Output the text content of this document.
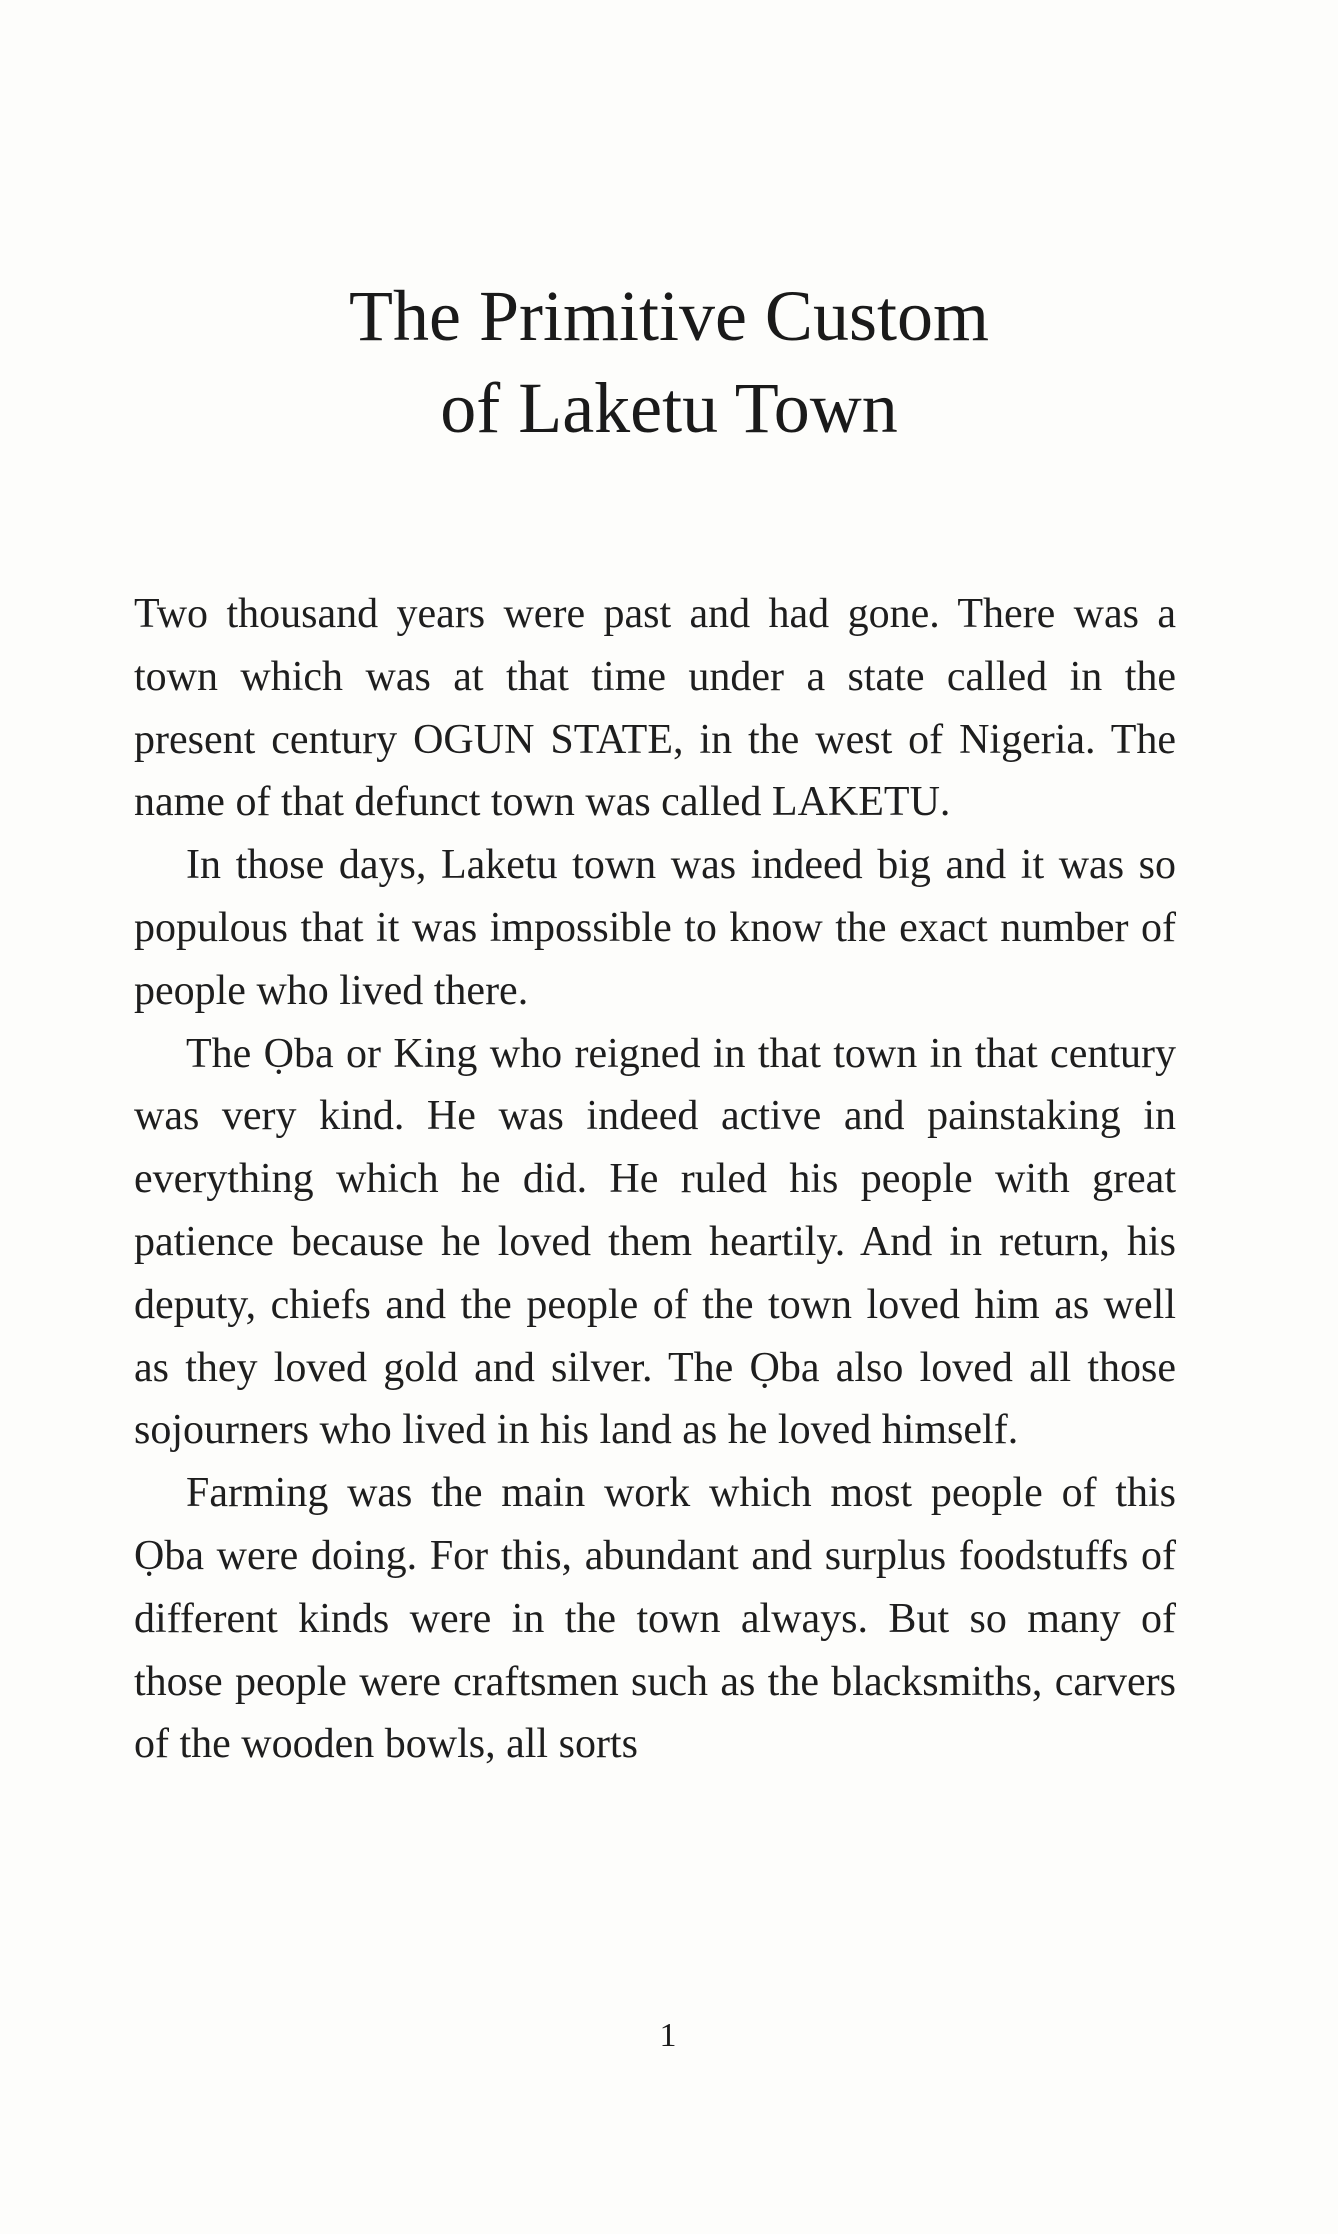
The Primitive Custom
of Laketu Town

Two thousand years were past and had gone. There was a town which was at that time under a state called in the present century OGUN STATE, in the west of Nigeria. The name of that defunct town was called LAKETU.

In those days, Laketu town was indeed big and it was so populous that it was impossible to know the exact number of people who lived there.

The Ọba or King who reigned in that town in that century was very kind. He was indeed active and painstaking in everything which he did. He ruled his people with great patience because he loved them heartily. And in return, his deputy, chiefs and the people of the town loved him as well as they loved gold and silver. The Ọba also loved all those sojourners who lived in his land as he loved himself.

Farming was the main work which most people of this Ọba were doing. For this, abundant and surplus foodstuffs of different kinds were in the town always. But so many of those people were craftsmen such as the blacksmiths, carvers of the wooden bowls, all sorts

1
